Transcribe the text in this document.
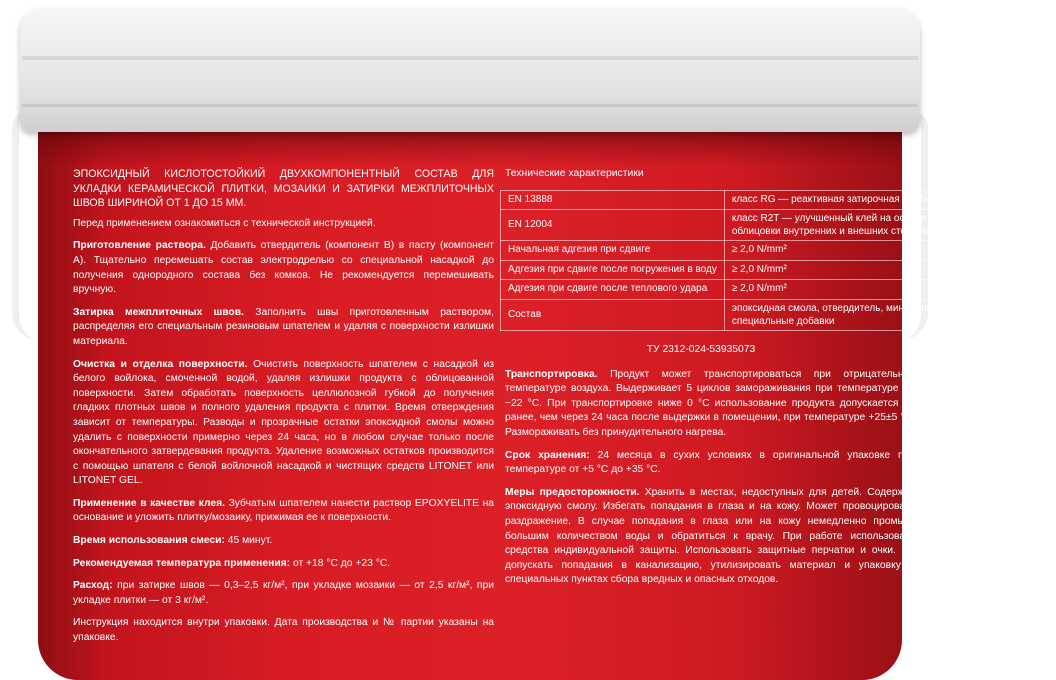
ЭПОКСИДНЫЙ КИСЛОТОСТОЙКИЙ ДВУХКОМПОНЕНТНЫЙ СОСТАВ ДЛЯ УКЛАДКИ КЕРАМИЧЕСКОЙ ПЛИТКИ, МОЗАИКИ И ЗАТИРКИ МЕЖПЛИТОЧНЫХ ШВОВ ШИРИНОЙ ОТ 1 ДО 15 ММ.

Перед применением ознакомиться с технической инструкцией.

Приготовление раствора. Добавить отвердитель (компонент В) в пасту (компонент А). Тщательно перемешать состав электродрелью со специальной насадкой до получения однородного состава без комков. Не рекомендуется перемешивать вручную.

Затирка межплиточных швов. Заполнить швы приготовленным раствором, распределяя его специальным резиновым шпателем и удаляя с поверхности излишки материала.

Очистка и отделка поверхности. Очистить поверхность шпателем с насадкой из белого войлока, смоченной водой, удаляя излишки продукта с облицованной поверхности. Затем обработать поверхность целлюлозной губкой до получения гладких плотных швов и полного удаления продукта с плитки. Время отверждения зависит от температуры. Разводы и прозрачные остатки эпоксидной смолы можно удалить с поверхности примерно через 24 часа, но в любом случае только после окончательного затвердевания продукта. Удаление возможных остатков производится с помощью шпателя с белой войлочной насадкой и чистящих средств LITONET или LITONET GEL.

Применение в качестве клея. Зубчатым шпателем нанести раствор EPOXYELITE на основание и уложить плитку/мозаику, прижимая ее к поверхности.

Время использования смеси: 45 минут.

Рекомендуемая температура применения: от +18 °С до +23 °С.

Расход: при затирке швов — 0,3–2,5 кг/м², при укладке мозаики — от 2,5 кг/м², при укладке плитки — от 3 кг/м².

Инструкция находится внутри упаковки. Дата производства и № партии указаны на упаковке.

Технические характеристики

EN 13888	класс RG — реактивная затирочная смесь для межплиточных швов
EN 12004	класс R2T — улучшенный клей на основе реактивных смол для облицовки внутренних и внешних стен или полов
Начальная адгезия при сдвиге	≥ 2,0 N/mm²
Адгезия при сдвиге после погружения в воду	≥ 2,0 N/mm²
Адгезия при сдвиге после теплового удара	≥ 2,0 N/mm²
Состав	эпоксидная смола, отвердитель, минеральный наполнитель, специальные добавки
ТУ 2312-024-53935073

Транспортировка. Продукт может транспортироваться при отрицательной температуре воздуха. Выдерживает 5 циклов замораживания при температуре до −22 °С. При транспортировке ниже 0 °С использование продукта допускается не ранее, чем через 24 часа после выдержки в помещении, при температуре +25±5 °С. Размораживать без принудительного нагрева.

Срок хранения: 24 месяца в сухих условиях в оригинальной упаковке при температуре от +5 °С до +35 °С.

Меры предосторожности. Хранить в местах, недоступных для детей. Содержит эпоксидную смолу. Избегать попадания в глаза и на кожу. Может провоцировать раздражение. В случае попадания в глаза или на кожу немедленно промыть большим количеством воды и обратиться к врачу. При работе использовать средства индивидуальной защиты. Использовать защитные перчатки и очки. Не допускать попадания в канализацию, утилизировать материал и упаковку в специальных пунктах сбора вредных и опасных отходов.
